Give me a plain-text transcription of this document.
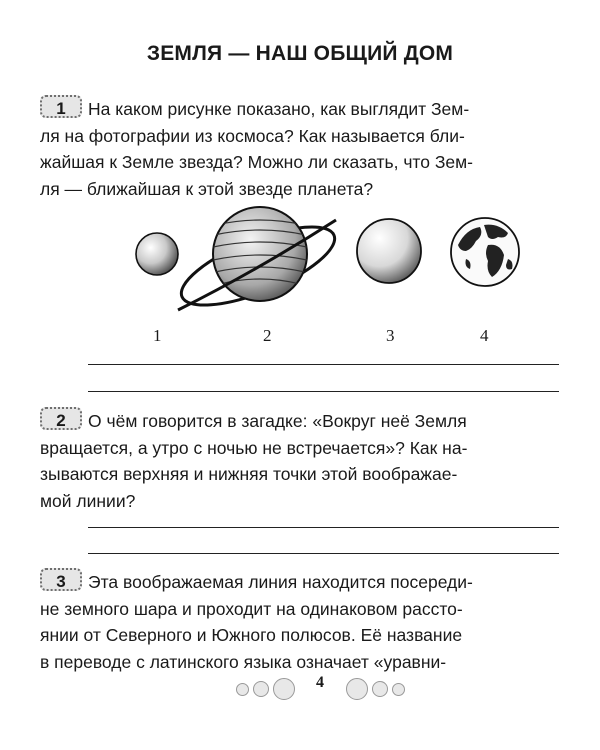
ЗЕМЛЯ — НАШ ОБЩИЙ ДОМ
1 На каком рисунке показано, как выглядит Зем-
ля на фотографии из космоса? Как называется бли-
жайшая к Земле звезда? Можно ли сказать, что Зем-
ля — ближайшая к этой звезде планета?
1	2	3	4
2 О чём говорится в загадке: «Вокруг неё Земля
вращается, а утро с ночью не встречается»? Как на-
зываются верхняя и нижняя точки этой воображае-
мой линии?
3 Эта воображаемая линия находится посереди-
не земного шара и проходит на одинаковом рассто-
янии от Северного и Южного полюсов. Её название
в переводе с латинского языка означает «уравни-
4
